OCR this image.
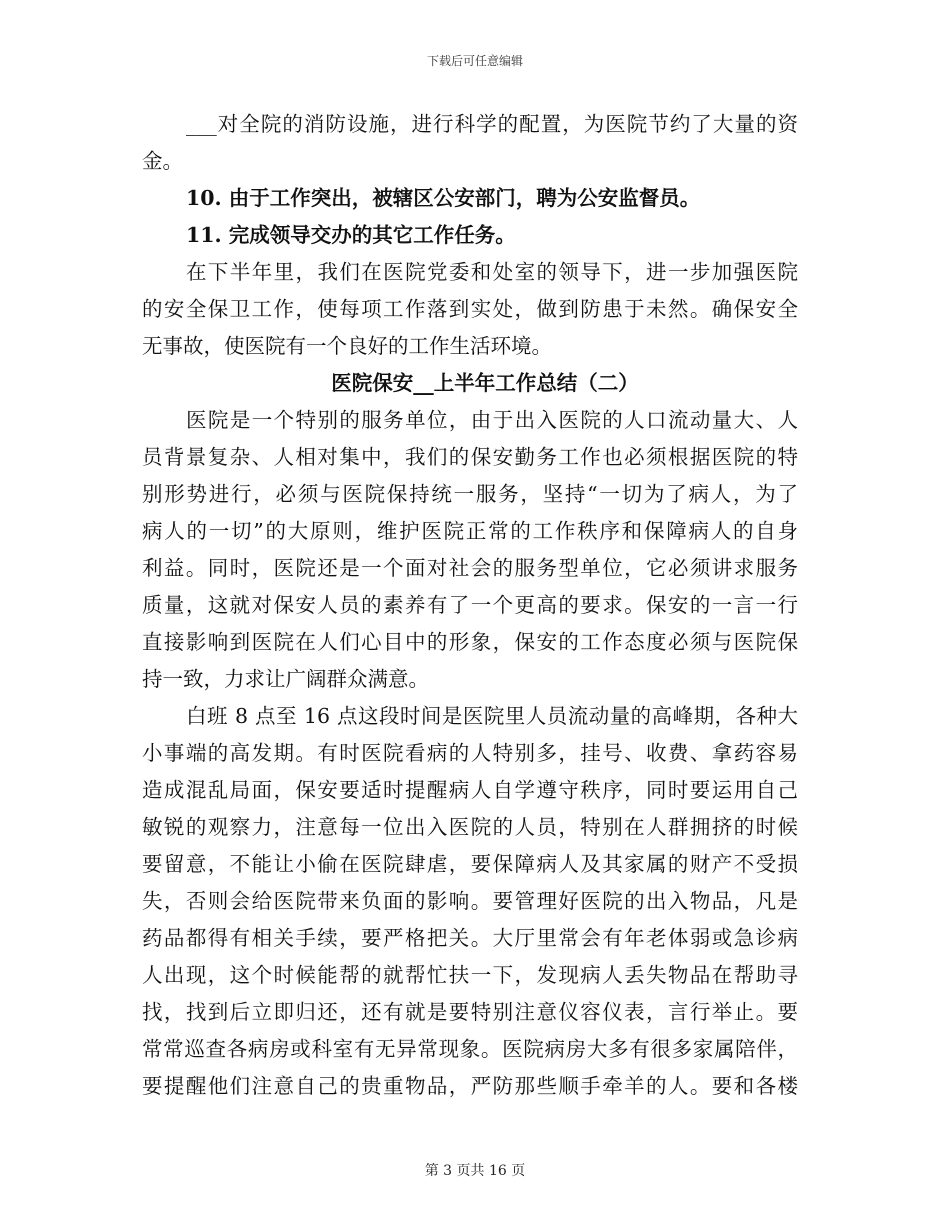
下载后可任意编辑
___对全院的消防设施，进行科学的配置，为医院节约了大量的资
金。
10. 由于工作突出，被辖区公安部门，聘为公安监督员。
11. 完成领导交办的其它工作任务。
在下半年里，我们在医院党委和处室的领导下，进一步加强医院
的安全保卫工作，使每项工作落到实处，做到防患于未然。确保安全
无事故，使医院有一个良好的工作生活环境。
医院保安__上半年工作总结（二）
医院是一个特别的服务单位，由于出入医院的人口流动量大、人
员背景复杂、人相对集中，我们的保安勤务工作也必须根据医院的特
别形势进行，必须与医院保持统一服务，坚持“一切为了病人，为了
病人的一切”的大原则，维护医院正常的工作秩序和保障病人的自身
利益。同时，医院还是一个面对社会的服务型单位，它必须讲求服务
质量，这就对保安人员的素养有了一个更高的要求。保安的一言一行
直接影响到医院在人们心目中的形象，保安的工作态度必须与医院保
持一致，力求让广阔群众满意。
白班 8 点至 16 点这段时间是医院里人员流动量的高峰期，各种大
小事端的高发期。有时医院看病的人特别多，挂号、收费、拿药容易
造成混乱局面，保安要适时提醒病人自学遵守秩序，同时要运用自己
敏锐的观察力，注意每一位出入医院的人员，特别在人群拥挤的时候
要留意，不能让小偷在医院肆虐，要保障病人及其家属的财产不受损
失，否则会给医院带来负面的影响。要管理好医院的出入物品，凡是
药品都得有相关手续，要严格把关。大厅里常会有年老体弱或急诊病
人出现，这个时候能帮的就帮忙扶一下，发现病人丢失物品在帮助寻
找，找到后立即归还，还有就是要特别注意仪容仪表，言行举止。要
常常巡查各病房或科室有无异常现象。医院病房大多有很多家属陪伴，
要提醒他们注意自己的贵重物品，严防那些顺手牵羊的人。要和各楼
第 3 页共 16 页
